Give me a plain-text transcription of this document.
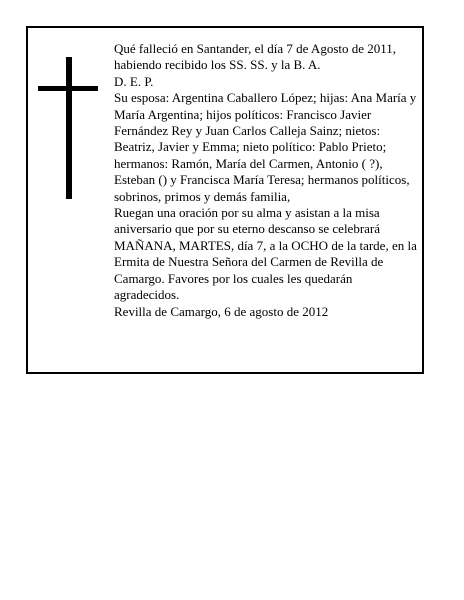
Qué falleció en Santander, el día 7 de Agosto de 2011, habiendo recibido los SS. SS. y la B. A.

D. E. P.

Su esposa: Argentina Caballero López; hijas: Ana María y María Argentina; hijos políticos: Francisco Javier Fernández Rey y Juan Carlos Calleja Sainz; nietos: Beatriz, Javier y Emma; nieto político: Pablo Prieto; hermanos: Ramón, María del Carmen, Antonio ( ?), Esteban () y Francisca María Teresa; hermanos políticos, sobrinos, primos y demás familia,

Ruegan una oración por su alma y asistan a la misa aniversario que por su eterno descanso se celebrará MAÑANA, MARTES, día 7, a la OCHO de la tarde, en la Ermita de Nuestra Señora del Carmen de Revilla de Camargo. Favores por los cuales les quedarán agradecidos.

Revilla de Camargo, 6 de agosto de 2012
